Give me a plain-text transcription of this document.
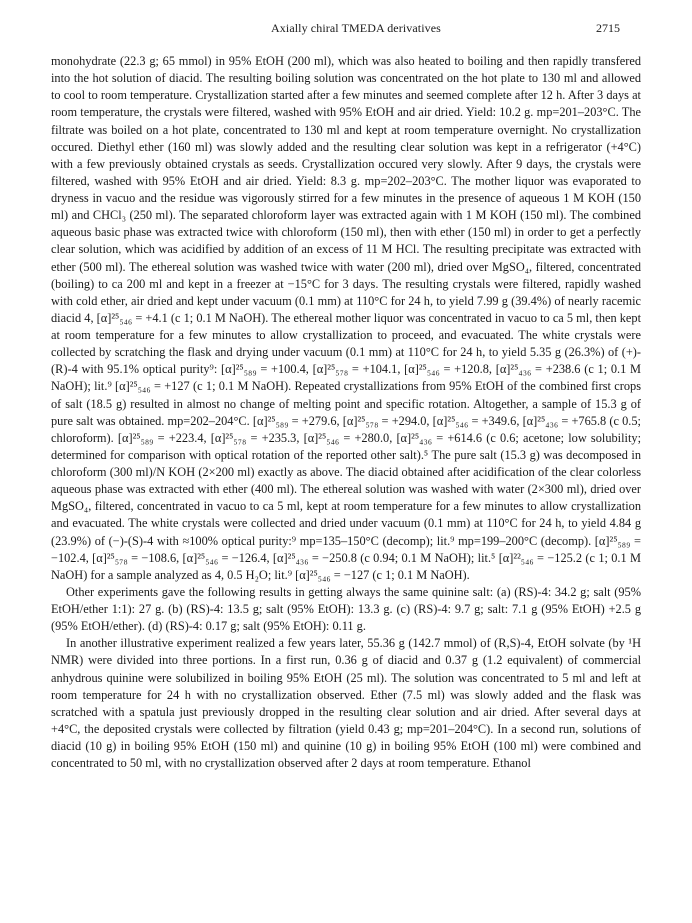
Axially chiral TMEDA derivatives	2715

monohydrate (22.3 g; 65 mmol) in 95% EtOH (200 ml), which was also heated to boiling and then rapidly transfered into the hot solution of diacid. The resulting boiling solution was concentrated on the hot plate to 130 ml and allowed to cool to room temperature. Crystallization started after a few minutes and seemed complete after 12 h. After 3 days at room temperature, the crystals were filtered, washed with 95% EtOH and air dried. Yield: 10.2 g. mp=201–203°C. The filtrate was boiled on a hot plate, concentrated to 130 ml and kept at room temperature overnight. No crystallization occured. Diethyl ether (160 ml) was slowly added and the resulting clear solution was kept in a refrigerator (+4°C) with a few previously obtained crystals as seeds. Crystallization occured very slowly. After 9 days, the crystals were filtered, washed with 95% EtOH and air dried. Yield: 8.3 g. mp=202–203°C. The mother liquor was evaporated to dryness in vacuo and the residue was vigorously stirred for a few minutes in the presence of aqueous 1 M KOH (150 ml) and CHCl₃ (250 ml). The separated chloroform layer was extracted again with 1 M KOH (150 ml). The combined aqueous basic phase was extracted twice with chloroform (150 ml), then with ether (150 ml) in order to get a perfectly clear solution, which was acidified by addition of an excess of 11 M HCl. The resulting precipitate was extracted with ether (500 ml). The ethereal solution was washed twice with water (200 ml), dried over MgSO₄, filtered, concentrated (boiling) to ca 200 ml and kept in a freezer at −15°C for 3 days. The resulting crystals were filtered, rapidly washed with cold ether, air dried and kept under vacuum (0.1 mm) at 110°C for 24 h, to yield 7.99 g (39.4%) of nearly racemic diacid 4, [α]²⁵₅₄₆ = +4.1 (c 1; 0.1 M NaOH). The ethereal mother liquor was concentrated in vacuo to ca 5 ml, then kept at room temperature for a few minutes to allow crystallization to proceed, and evacuated. The white crystals were collected by scratching the flask and drying under vacuum (0.1 mm) at 110°C for 24 h, to yield 5.35 g (26.3%) of (+)-(R)-4 with 95.1% optical purity⁹: [α]²⁵₅₈₉ = +100.4, [α]²⁵₅₇₈ = +104.1, [α]²⁵₅₄₆ = +120.8, [α]²⁵₄₃₆ = +238.6 (c 1; 0.1 M NaOH); lit.⁹ [α]²⁵₅₄₆ = +127 (c 1; 0.1 M NaOH). Repeated crystallizations from 95% EtOH of the combined first crops of salt (18.5 g) resulted in almost no change of melting point and specific rotation. Altogether, a sample of 15.3 g of pure salt was obtained. mp=202–204°C. [α]²⁵₅₈₉ = +279.6, [α]²⁵₅₇₈ = +294.0, [α]²⁵₅₄₆ = +349.6, [α]²⁵₄₃₆ = +765.8 (c 0.5; chloroform). [α]²⁵₅₈₉ = +223.4, [α]²⁵₅₇₈ = +235.3, [α]²⁵₅₄₆ = +280.0, [α]²⁵₄₃₆ = +614.6 (c 0.6; acetone; low solubility; determined for comparison with optical rotation of the reported other salt).⁵ The pure salt (15.3 g) was decomposed in chloroform (300 ml)/N KOH (2×200 ml) exactly as above. The diacid obtained after acidification of the clear colorless aqueous phase was extracted with ether (400 ml). The ethereal solution was washed with water (2×300 ml), dried over MgSO₄, filtered, concentrated in vacuo to ca 5 ml, kept at room temperature for a few minutes to allow crystallization and evacuated. The white crystals were collected and dried under vacuum (0.1 mm) at 110°C for 24 h, to yield 4.84 g (23.9%) of (−)-(S)-4 with ≈100% optical purity:⁹ mp=135–150°C (decomp); lit.⁹ mp=199–200°C (decomp). [α]²⁵₅₈₉ = −102.4, [α]²⁵₅₇₈ = −108.6, [α]²⁵₅₄₆ = −126.4, [α]²⁵₄₃₆ = −250.8 (c 0.94; 0.1 M NaOH); lit.⁵ [α]²²₅₄₆ = −125.2 (c 1; 0.1 M NaOH) for a sample analyzed as 4, 0.5 H₂O; lit.⁹ [α]²⁵₅₄₆ = −127 (c 1; 0.1 M NaOH).

Other experiments gave the following results in getting always the same quinine salt: (a) (RS)-4: 34.2 g; salt (95% EtOH/ether 1:1): 27 g. (b) (RS)-4: 13.5 g; salt (95% EtOH): 13.3 g. (c) (RS)-4: 9.7 g; salt: 7.1 g (95% EtOH) +2.5 g (95% EtOH/ether). (d) (RS)-4: 0.17 g; salt (95% EtOH): 0.11 g.

In another illustrative experiment realized a few years later, 55.36 g (142.7 mmol) of (R,S)-4, EtOH solvate (by ¹H NMR) were divided into three portions. In a first run, 0.36 g of diacid and 0.37 g (1.2 equivalent) of commercial anhydrous quinine were solubilized in boiling 95% EtOH (25 ml). The solution was concentrated to 5 ml and left at room temperature for 24 h with no crystallization observed. Ether (7.5 ml) was slowly added and the flask was scratched with a spatula just previously dropped in the resulting clear solution and air dried. After several days at +4°C, the deposited crystals were collected by filtration (yield 0.43 g; mp=201–204°C). In a second run, solutions of diacid (10 g) in boiling 95% EtOH (150 ml) and quinine (10 g) in boiling 95% EtOH (100 ml) were combined and concentrated to 50 ml, with no crystallization observed after 2 days at room temperature. Ethanol
